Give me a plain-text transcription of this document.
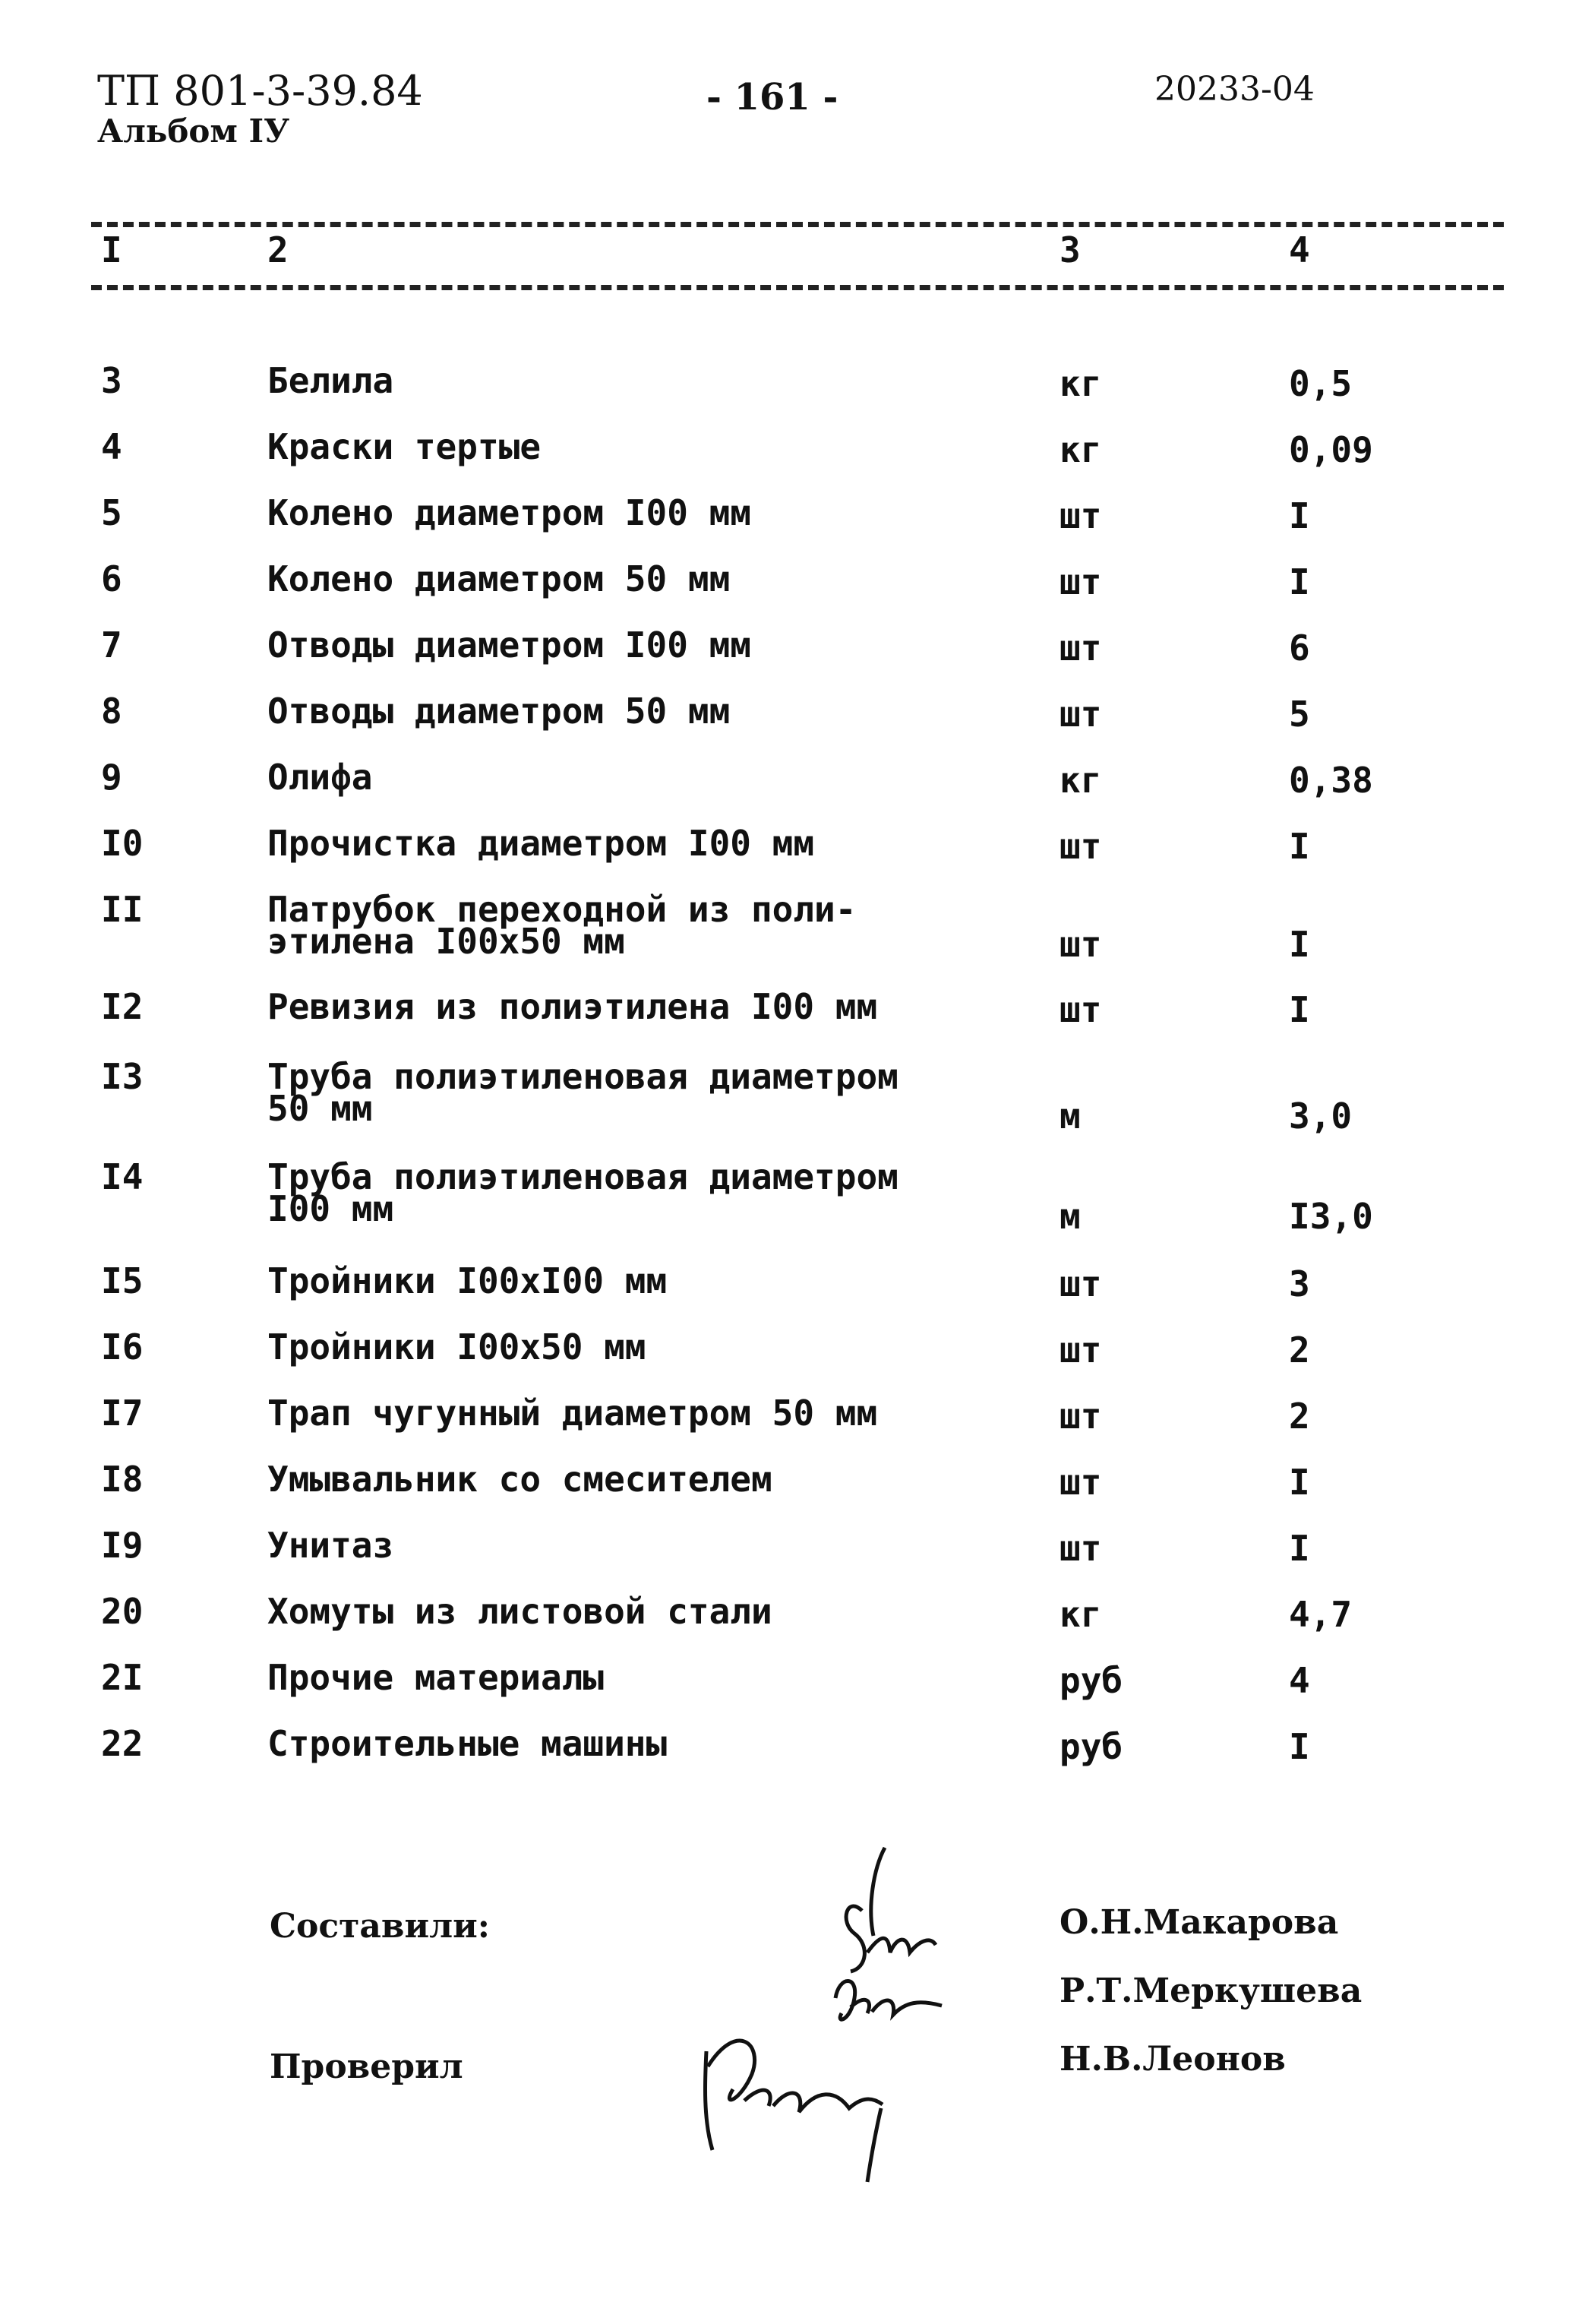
ТП 801-3-39.84
Альбом IУ
- 161 -	20233-04
I	2	3	4
3	Белила	кг	0,5
4	Краски тертые	кг	0,09
5	Колено диаметром I00 мм	шт	I
6	Колено диаметром 50 мм	шт	I
7	Отводы диаметром I00 мм	шт	6
8	Отводы диаметром 50 мм	шт	5
9	Олифа	кг	0,38
I0	Прочистка диаметром I00 мм	шт	I
II	Патрубок переходной из поли-
этилена I00х50 мм	шт	I
I2	Ревизия из полиэтилена I00 мм	шт	I
I3	Труба полиэтиленовая диаметром
50 мм	м	3,0
I4	Труба полиэтиленовая диаметром
I00 мм	м	I3,0
I5	Тройники I00хI00 мм	шт	3
I6	Тройники I00х50 мм	шт	2
I7	Трап чугунный диаметром 50 мм	шт	2
I8	Умывальник со смесителем	шт	I
I9	Унитаз	шт	I
20	Хомуты из листовой стали	кг	4,7
2I	Прочие материалы	руб	4
22	Строительные машины	руб	I
Составили:
Проверил
О.Н.Макарова
Р.Т.Меркушева
Н.В.Леонов
